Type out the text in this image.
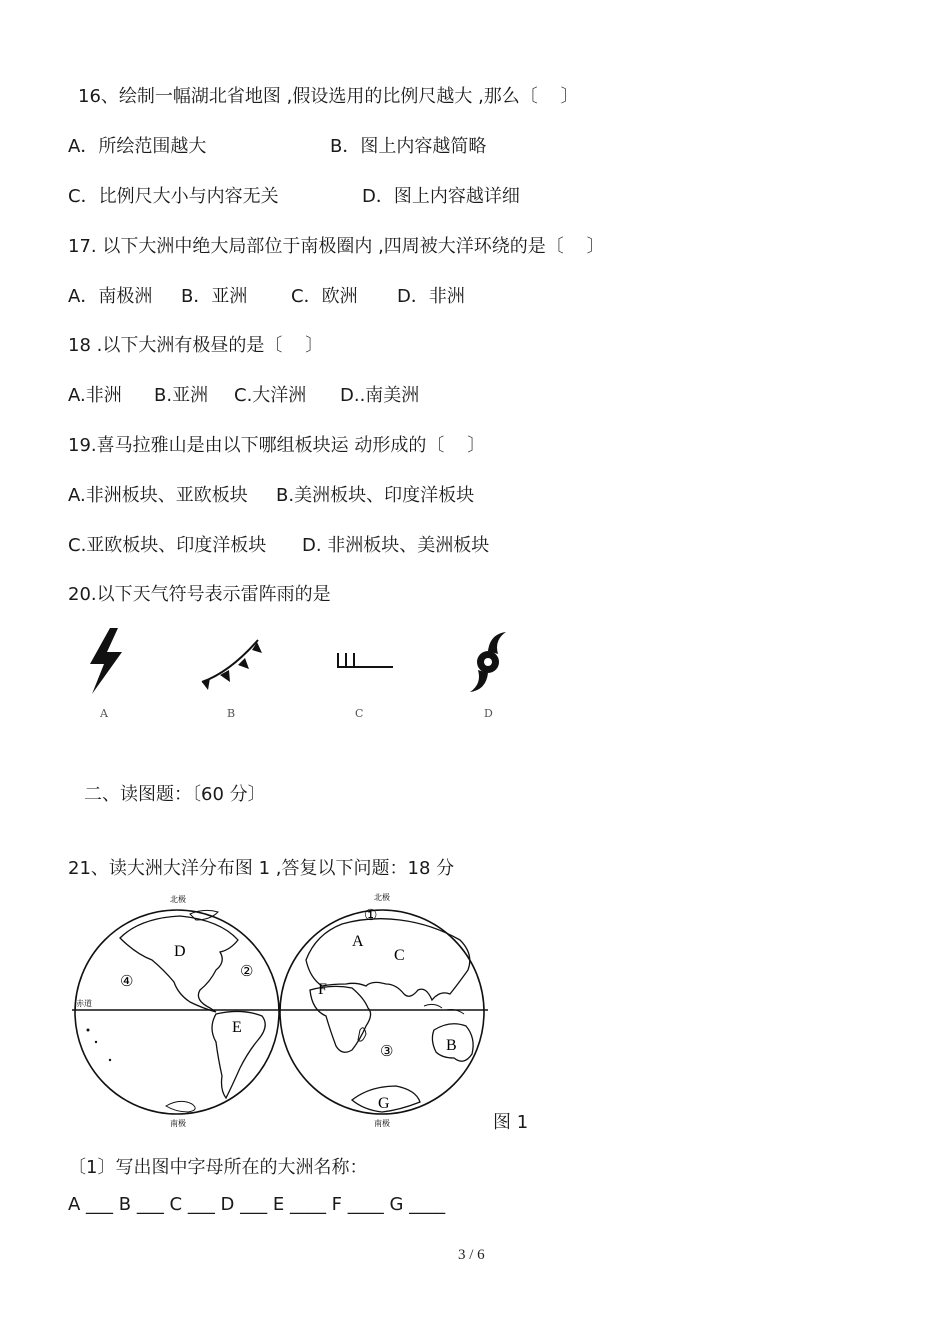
16、绘制一幅湖北省地图 ,假设选用的比例尺越大 ,那么〔    〕
A．所绘范围越大	B．图上内容越简略
C．比例尺大小与内容无关	D．图上内容越详细
17. 以下大洲中绝大局部位于南极圈内 ,四周被大洋环绕的是〔    〕
A．南极洲 B．亚洲 C．欧洲 D．非洲
18 .以下大洲有极昼的是〔    〕
A.非洲 B.亚洲 C.大洋洲 D..南美洲
19.喜马拉雅山是由以下哪组板块运 动形成的〔    〕
A.非洲板块、亚欧板块 B.美洲板块、印度洋板块
C.亚欧板块、印度洋板块 D. 非洲板块、美洲板块
20.以下天气符号表示雷阵雨的是
A	B	C	D
二、读图题：〔60 分〕
21、读大洲大洋分布图 1 ,答复以下问题：18 分
北极
南极
北极
南极
赤道
D
②
④
E
①
A
C
F
③	B
G
图 1
〔1〕写出图中字母所在的大洲名称：
A ___ B ___ C ___ D ___ E ____ F ____ G ____
3 / 6
